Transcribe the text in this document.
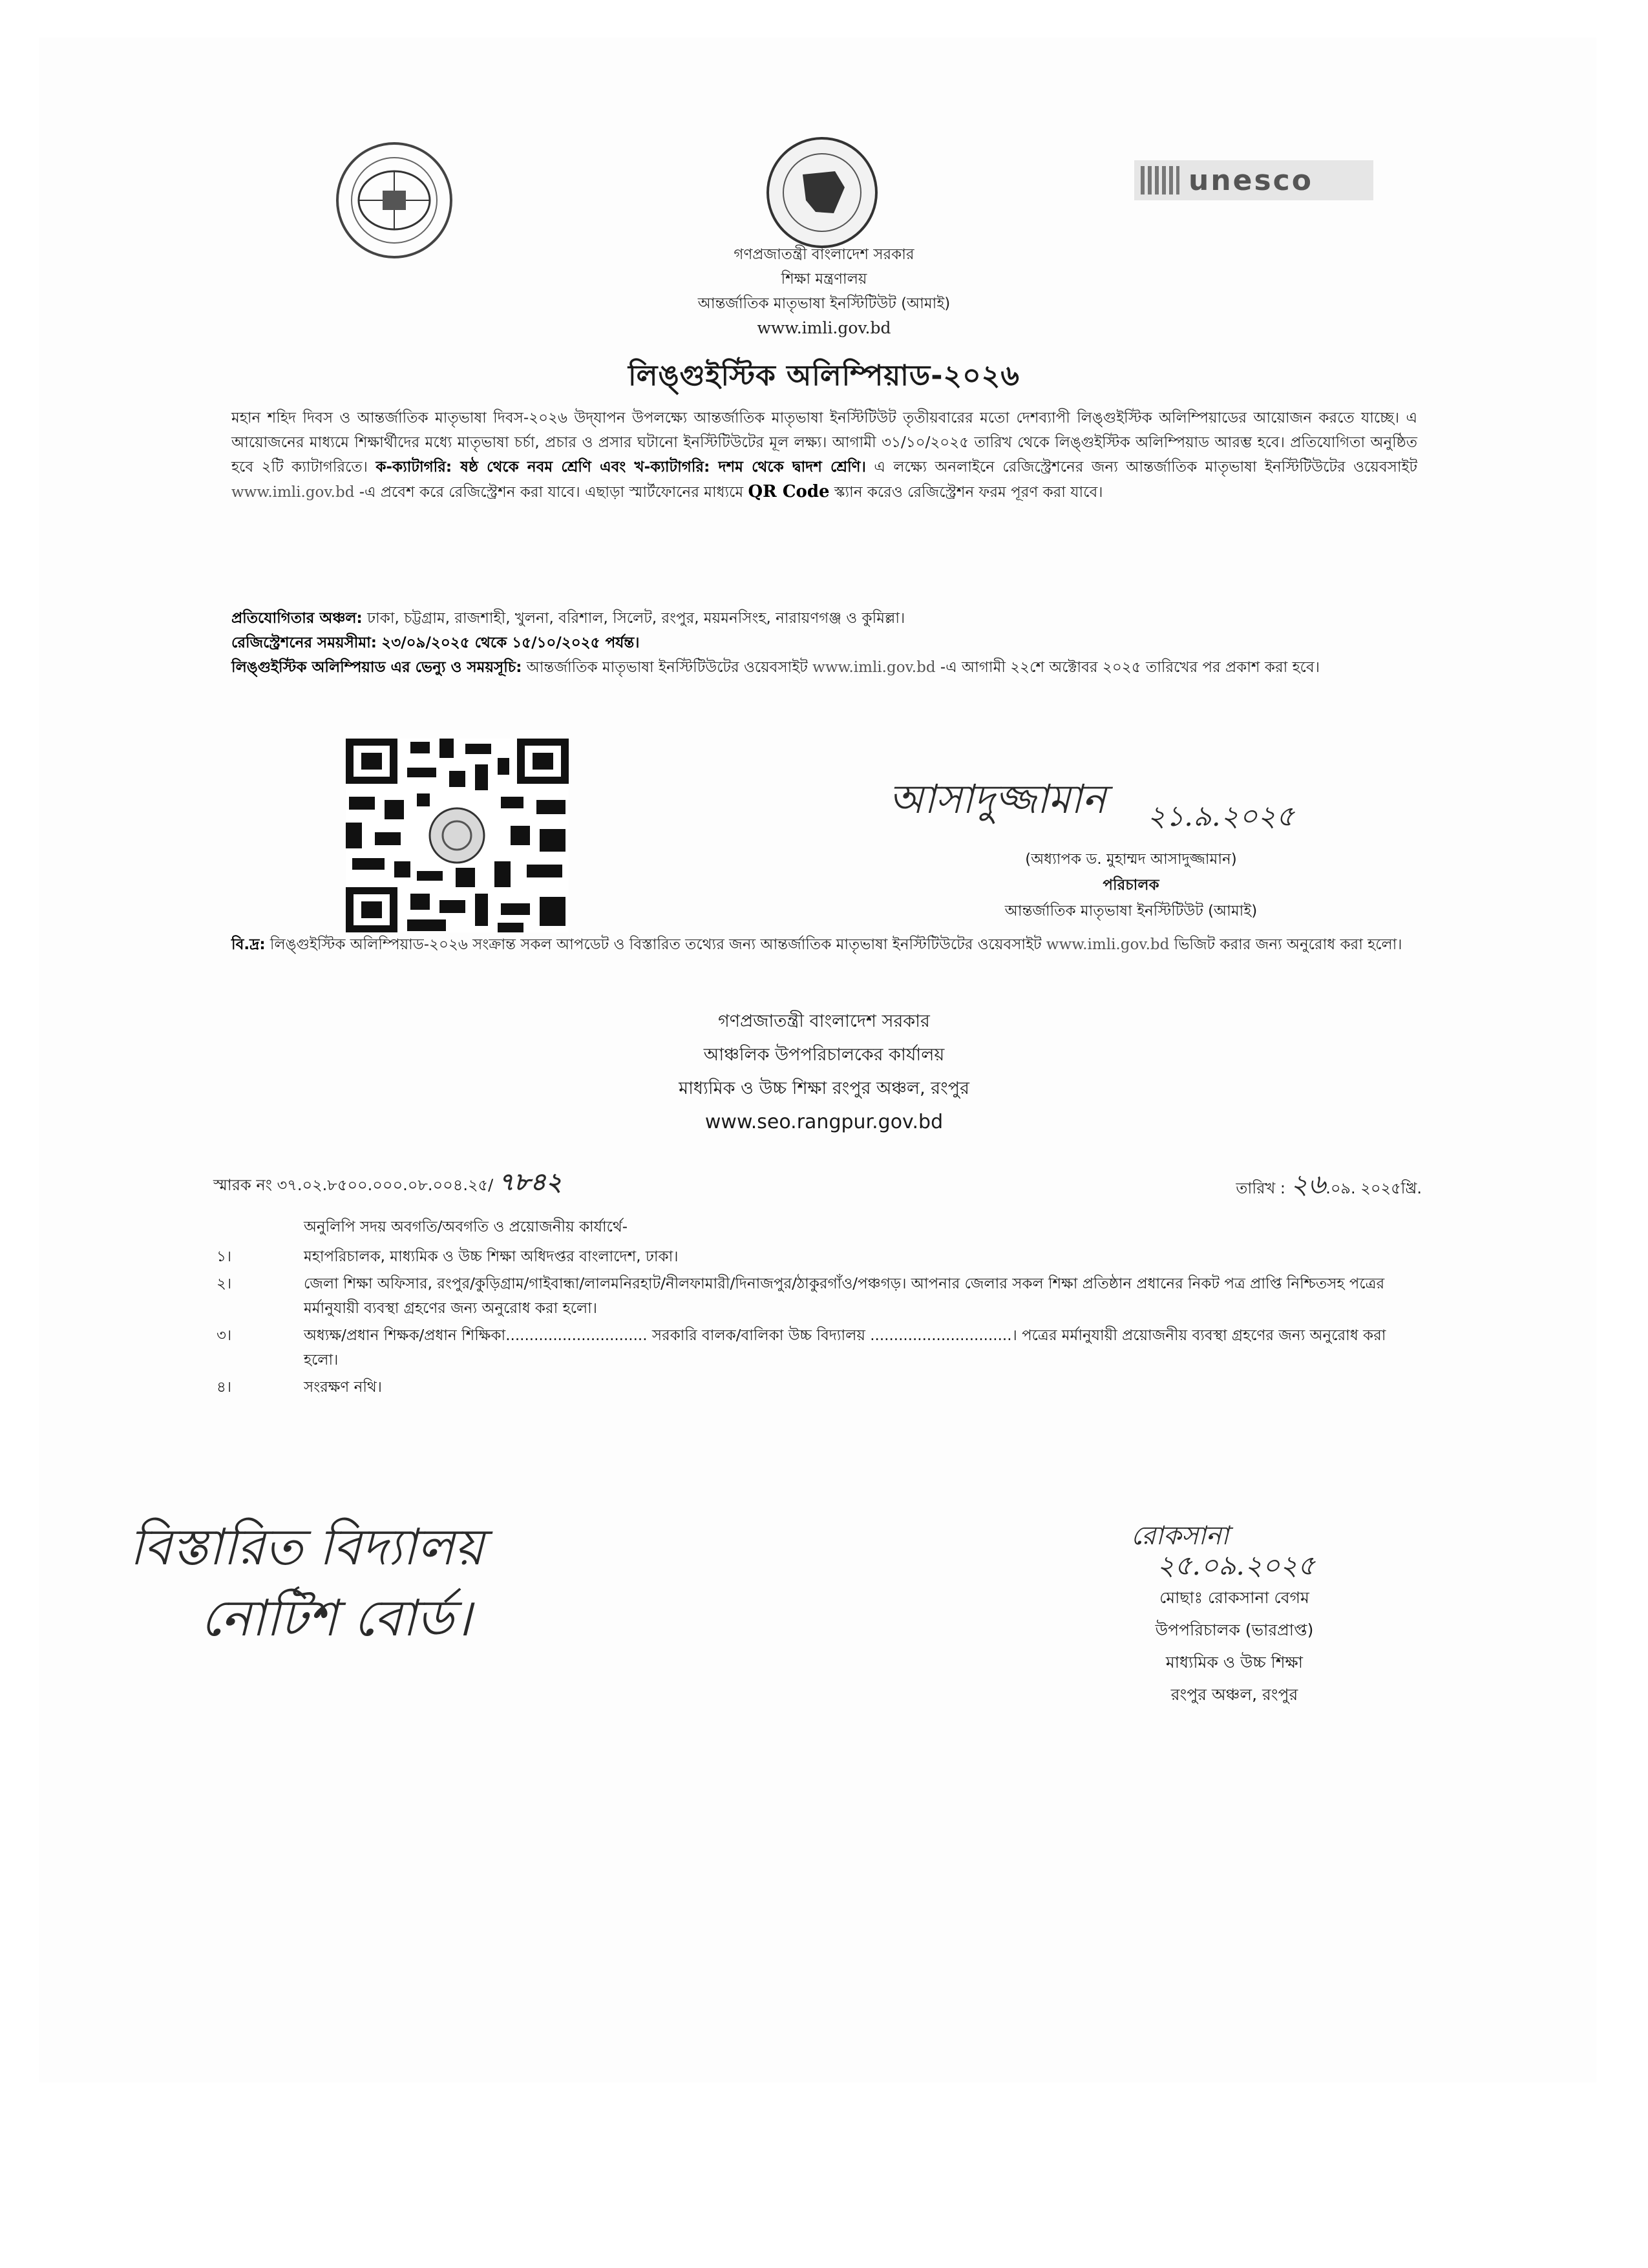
unesco
গণপ্রজাতন্ত্রী বাংলাদেশ সরকার
শিক্ষা মন্ত্রণালয়
আন্তর্জাতিক মাতৃভাষা ইনস্টিটিউট (আমাই)
www.imli.gov.bd
লিঙ্গুইস্টিক অলিম্পিয়াড-২০২৬
মহান শহিদ দিবস ও আন্তর্জাতিক মাতৃভাষা দিবস-২০২৬ উদ্‌যাপন উপলক্ষ্যে আন্তর্জাতিক মাতৃভাষা ইনস্টিটিউট তৃতীয়বারের মতো দেশব্যাপী লিঙ্গুইস্টিক অলিম্পিয়াডের আয়োজন করতে যাচ্ছে। এ আয়োজনের মাধ্যমে শিক্ষার্থীদের মধ্যে মাতৃভাষা চর্চা, প্রচার ও প্রসার ঘটানো ইনস্টিটিউটের মূল লক্ষ্য। আগামী ৩১/১০/২০২৫ তারিখ থেকে লিঙ্গুইস্টিক অলিম্পিয়াড আরম্ভ হবে। প্রতিযোগিতা অনুষ্ঠিত হবে ২টি ক্যাটাগরিতে। ক-ক্যাটাগরি: ষষ্ঠ থেকে নবম শ্রেণি এবং খ-ক্যাটাগরি: দশম থেকে দ্বাদশ শ্রেণি। এ লক্ষ্যে অনলাইনে রেজিস্ট্রেশনের জন্য আন্তর্জাতিক মাতৃভাষা ইনস্টিটিউটের ওয়েবসাইট www.imli.gov.bd -এ প্রবেশ করে রেজিস্ট্রেশন করা যাবে। এছাড়া স্মার্টফোনের মাধ্যমে QR Code স্ক্যান করেও রেজিস্ট্রেশন ফরম পূরণ করা যাবে।
প্রতিযোগিতার অঞ্চল: ঢাকা, চট্টগ্রাম, রাজশাহী, খুলনা, বরিশাল, সিলেট, রংপুর, ময়মনসিংহ, নারায়ণগঞ্জ ও কুমিল্লা।
রেজিস্ট্রেশনের সময়সীমা: ২৩/০৯/২০২৫ থেকে ১৫/১০/২০২৫ পর্যন্ত।
লিঙ্গুইস্টিক অলিম্পিয়াড এর ভেন্যু ও সময়সূচি: আন্তর্জাতিক মাতৃভাষা ইনস্টিটিউটের ওয়েবসাইট www.imli.gov.bd -এ আগামী ২২শে অক্টোবর ২০২৫ তারিখের পর প্রকাশ করা হবে।
আসাদুজ্জামান ২১.৯.২০২৫
(অধ্যাপক ড. মুহাম্মদ আসাদুজ্জামান)
পরিচালক
আন্তর্জাতিক মাতৃভাষা ইনস্টিটিউট (আমাই)
বি.দ্র: লিঙ্গুইস্টিক অলিম্পিয়াড-২০২৬ সংক্রান্ত সকল আপডেট ও বিস্তারিত তথ্যের জন্য আন্তর্জাতিক মাতৃভাষা ইনস্টিটিউটের ওয়েবসাইট www.imli.gov.bd ভিজিট করার জন্য অনুরোধ করা হলো।
গণপ্রজাতন্ত্রী বাংলাদেশ সরকার
আঞ্চলিক উপপরিচালকের কার্যালয়
মাধ্যমিক ও উচ্চ শিক্ষা রংপুর অঞ্চল, রংপুর
www.seo.rangpur.gov.bd
স্মারক নং ৩৭.০২.৮৫০০.০০০.০৮.০০৪.২৫/ ৭৮৪২	তারিখ : ২৬.০৯. ২০২৫খ্রি.
অনুলিপি সদয় অবগতি/অবগতি ও প্রয়োজনীয় কার্যার্থে-
১।	মহাপরিচালক, মাধ্যমিক ও উচ্চ শিক্ষা অধিদপ্তর বাংলাদেশ, ঢাকা।
২।	জেলা শিক্ষা অফিসার, রংপুর/কুড়িগ্রাম/গাইবান্ধা/লালমনিরহাট/নীলফামারী/দিনাজপুর/ঠাকুরগাঁও/পঞ্চগড়। আপনার জেলার সকল শিক্ষা প্রতিষ্ঠান প্রধানের নিকট পত্র প্রাপ্তি নিশ্চিতসহ পত্রের মর্মানুযায়ী ব্যবস্থা গ্রহণের জন্য অনুরোধ করা হলো।
৩।	অধ্যক্ষ/প্রধান শিক্ষক/প্রধান শিক্ষিকা.............................. সরকারি বালক/বালিকা উচ্চ বিদ্যালয় ..............................। পত্রের মর্মানুযায়ী প্রয়োজনীয় ব্যবস্থা গ্রহণের জন্য অনুরোধ করা হলো।
৪।	সংরক্ষণ নথি।
বিস্তারিত বিদ্যালয়
নোটিশ বোর্ড।
রোকসানা
২৫.০৯.২০২৫
মোছাঃ রোকসানা বেগম
উপপরিচালক (ভারপ্রাপ্ত)
মাধ্যমিক ও উচ্চ শিক্ষা
রংপুর অঞ্চল, রংপুর
